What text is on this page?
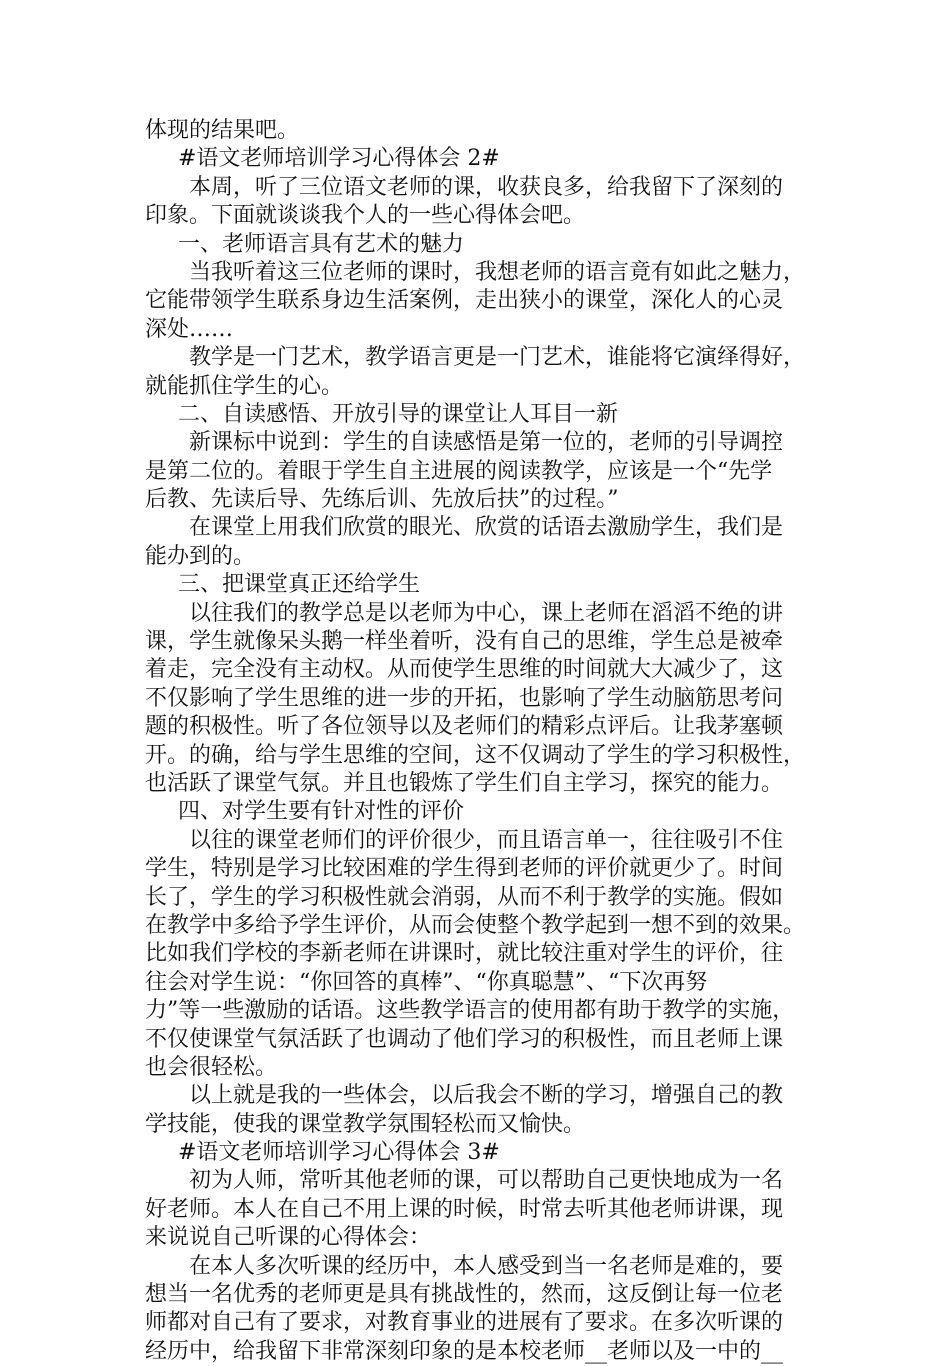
体现的结果吧。
#语文老师培训学习心得体会 2#
本周，听了三位语文老师的课，收获良多，给我留下了深刻的
印象。下面就谈谈我个人的一些心得体会吧。
一、老师语言具有艺术的魅力
当我听着这三位老师的课时，我想老师的语言竟有如此之魅力，
它能带领学生联系身边生活案例，走出狭小的课堂，深化人的心灵
深处……
教学是一门艺术，教学语言更是一门艺术，谁能将它演绎得好，
就能抓住学生的心。
二、自读感悟、开放引导的课堂让人耳目一新
新课标中说到：学生的自读感悟是第一位的，老师的引导调控
是第二位的。着眼于学生自主进展的阅读教学，应该是一个“先学
后教、先读后导、先练后训、先放后扶”的过程。”
在课堂上用我们欣赏的眼光、欣赏的话语去激励学生，我们是
能办到的。
三、把课堂真正还给学生
以往我们的教学总是以老师为中心，课上老师在滔滔不绝的讲
课，学生就像呆头鹅一样坐着听，没有自己的思维，学生总是被牵
着走，完全没有主动权。从而使学生思维的时间就大大减少了，这
不仅影响了学生思维的进一步的开拓，也影响了学生动脑筋思考问
题的积极性。听了各位领导以及老师们的精彩点评后。让我茅塞顿
开。的确，给与学生思维的空间，这不仅调动了学生的学习积极性，
也活跃了课堂气氛。并且也锻炼了学生们自主学习，探究的能力。
四、对学生要有针对性的评价
以往的课堂老师们的评价很少，而且语言单一，往往吸引不住
学生，特别是学习比较困难的学生得到老师的评价就更少了。时间
长了，学生的学习积极性就会消弱，从而不利于教学的实施。假如
在教学中多给予学生评价，从而会使整个教学起到一想不到的效果。
比如我们学校的李新老师在讲课时，就比较注重对学生的评价，往
往会对学生说：“你回答的真棒”、“你真聪慧”、“下次再努
力”等一些激励的话语。这些教学语言的使用都有助于教学的实施，
不仅使课堂气氛活跃了也调动了他们学习的积极性，而且老师上课
也会很轻松。
以上就是我的一些体会，以后我会不断的学习，增强自己的教
学技能，使我的课堂教学氛围轻松而又愉快。
#语文老师培训学习心得体会 3#
初为人师，常听其他老师的课，可以帮助自己更快地成为一名
好老师。本人在自己不用上课的时候，时常去听其他老师讲课，现
来说说自己听课的心得体会：
在本人多次听课的经历中，本人感受到当一名老师是难的，要
想当一名优秀的老师更是具有挑战性的，然而，这反倒让每一位老
师都对自己有了要求，对教育事业的进展有了要求。在多次听课的
经历中，给我留下非常深刻印象的是本校老师__老师以及一中的__
